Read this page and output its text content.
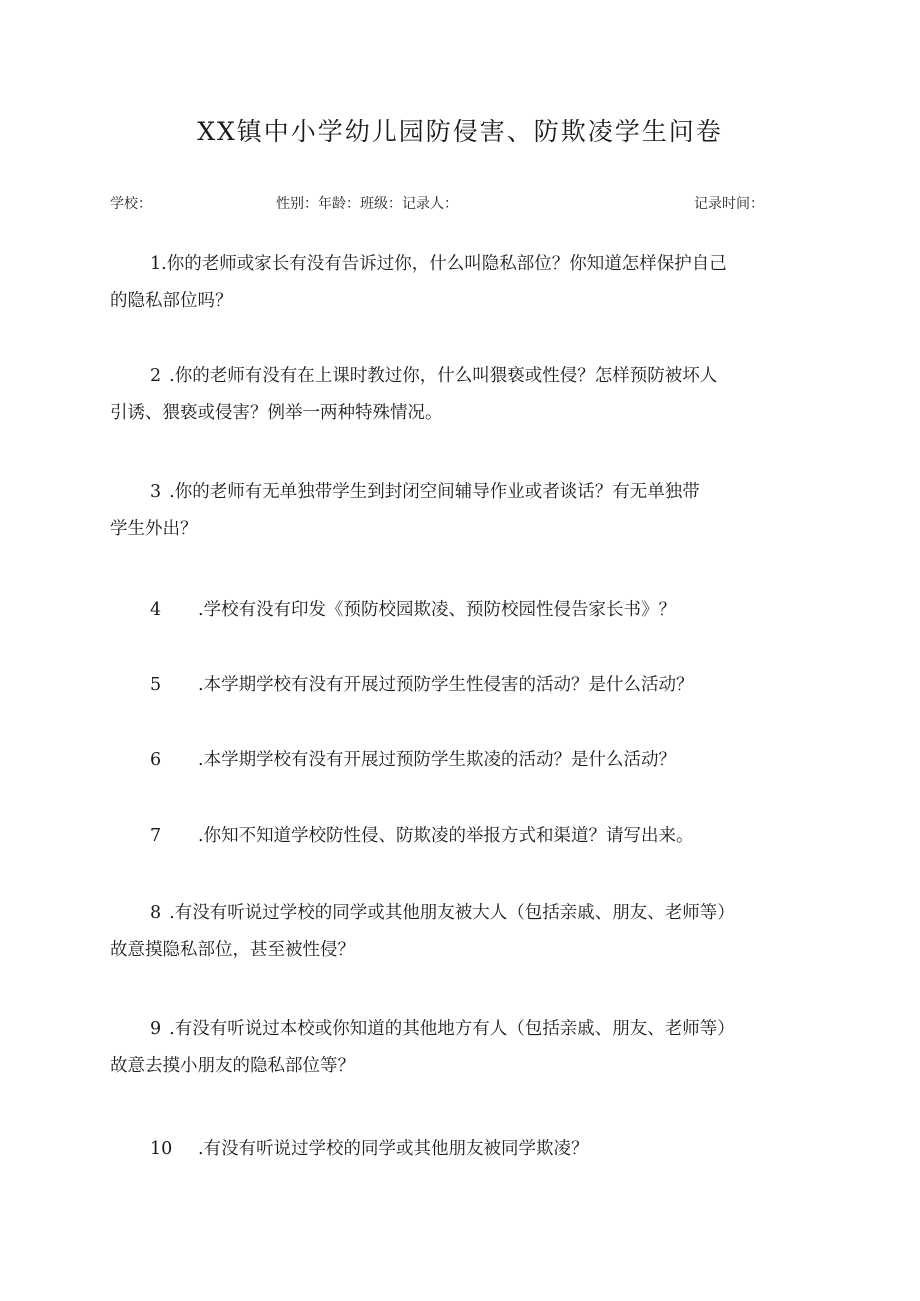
XX镇中小学幼儿园防侵害、防欺凌学生问卷
学校：	性别：年龄：班级：记录人：	记录时间：
1.你的老师或家长有没有告诉过你，什么叫隐私部位？你知道怎样保护自己
的隐私部位吗？
2 .你的老师有没有在上课时教过你，什么叫猥亵或性侵？怎样预防被坏人
引诱、猥亵或侵害？例举一两种特殊情况。
3 .你的老师有无单独带学生到封闭空间辅导作业或者谈话？有无单独带
学生外出？
4 .学校有没有印发《预防校园欺凌、预防校园性侵告家长书》？
5 .本学期学校有没有开展过预防学生性侵害的活动？是什么活动？
6 .本学期学校有没有开展过预防学生欺凌的活动？是什么活动？
7 .你知不知道学校防性侵、防欺凌的举报方式和渠道？请写出来。
8 .有没有听说过学校的同学或其他朋友被大人（包括亲戚、朋友、老师等）
故意摸隐私部位，甚至被性侵？
9 .有没有听说过本校或你知道的其他地方有人（包括亲戚、朋友、老师等）
故意去摸小朋友的隐私部位等？
10 .有没有听说过学校的同学或其他朋友被同学欺凌？
